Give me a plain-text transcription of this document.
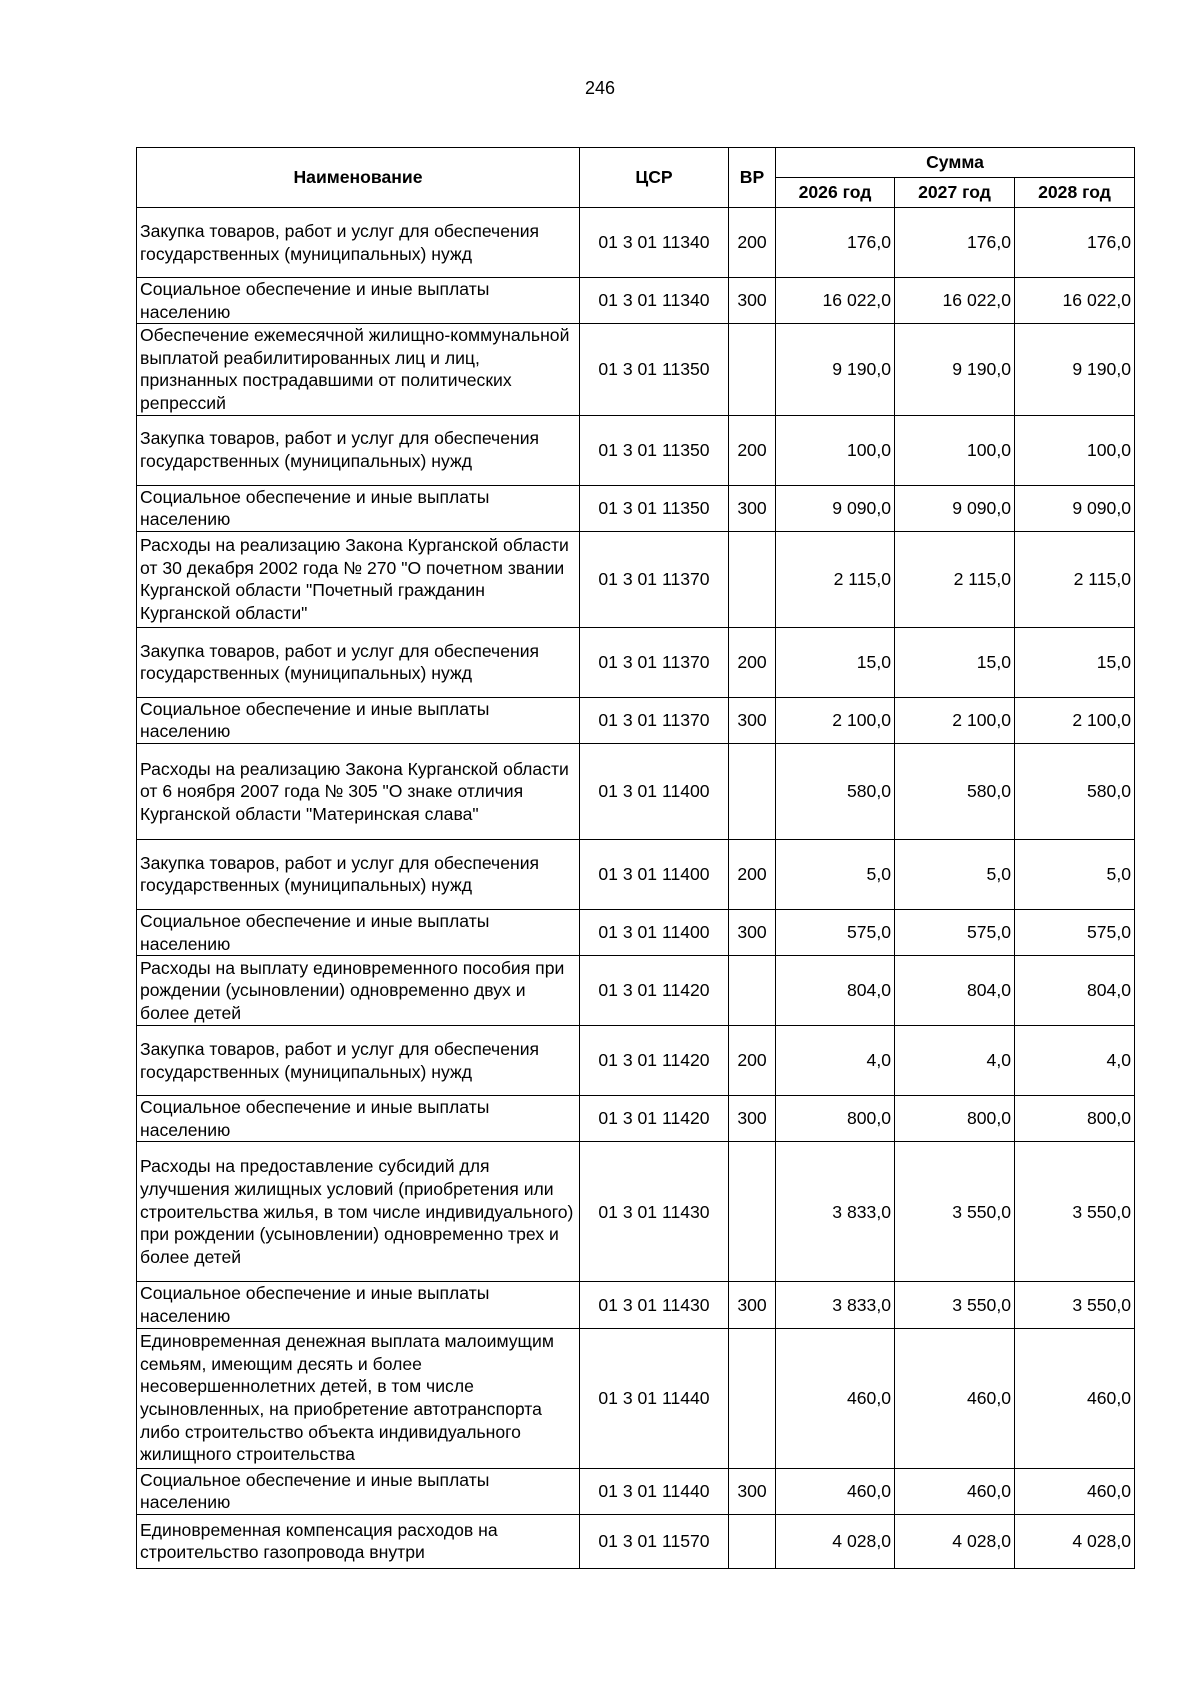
246
Наименование	ЦСР	ВР	Сумма		
			2026 год	2027 год	2028 год
Закупка товаров, работ и услуг для обеспечения государственных (муниципальных) нужд	01 3 01 11340	200	176,0	176,0	176,0
Социальное обеспечение и иные выплаты населению	01 3 01 11340	300	16 022,0	16 022,0	16 022,0
Обеспечение ежемесячной жилищно-коммунальной выплатой реабилитированных лиц и лиц, признанных пострадавшими от политических репрессий	01 3 01 11350		9 190,0	9 190,0	9 190,0
Закупка товаров, работ и услуг для обеспечения государственных (муниципальных) нужд	01 3 01 11350	200	100,0	100,0	100,0
Социальное обеспечение и иные выплаты населению	01 3 01 11350	300	9 090,0	9 090,0	9 090,0
Расходы на реализацию Закона Курганской области от 30 декабря 2002 года № 270 "О почетном звании Курганской области "Почетный гражданин Курганской области"	01 3 01 11370		2 115,0	2 115,0	2 115,0
Закупка товаров, работ и услуг для обеспечения государственных (муниципальных) нужд	01 3 01 11370	200	15,0	15,0	15,0
Социальное обеспечение и иные выплаты населению	01 3 01 11370	300	2 100,0	2 100,0	2 100,0
Расходы на реализацию Закона Курганской области от 6 ноября 2007 года № 305 "О знаке отличия Курганской области "Материнская слава"	01 3 01 11400		580,0	580,0	580,0
Закупка товаров, работ и услуг для обеспечения государственных (муниципальных) нужд	01 3 01 11400	200	5,0	5,0	5,0
Социальное обеспечение и иные выплаты населению	01 3 01 11400	300	575,0	575,0	575,0
Расходы на выплату единовременного пособия при рождении (усыновлении) одновременно двух и более детей	01 3 01 11420		804,0	804,0	804,0
Закупка товаров, работ и услуг для обеспечения государственных (муниципальных) нужд	01 3 01 11420	200	4,0	4,0	4,0
Социальное обеспечение и иные выплаты населению	01 3 01 11420	300	800,0	800,0	800,0
Расходы на предоставление субсидий для улучшения жилищных условий (приобретения или строительства жилья, в том числе индивидуального) при рождении (усыновлении) одновременно трех и более детей	01 3 01 11430		3 833,0	3 550,0	3 550,0
Социальное обеспечение и иные выплаты населению	01 3 01 11430	300	3 833,0	3 550,0	3 550,0
Единовременная денежная выплата малоимущим семьям, имеющим десять и более несовершеннолетних детей, в том числе усыновленных, на приобретение автотранспорта либо строительство объекта индивидуального жилищного строительства	01 3 01 11440		460,0	460,0	460,0
Социальное обеспечение и иные выплаты населению	01 3 01 11440	300	460,0	460,0	460,0
Единовременная компенсация расходов на строительство газопровода внутри	01 3 01 11570		4 028,0	4 028,0	4 028,0
